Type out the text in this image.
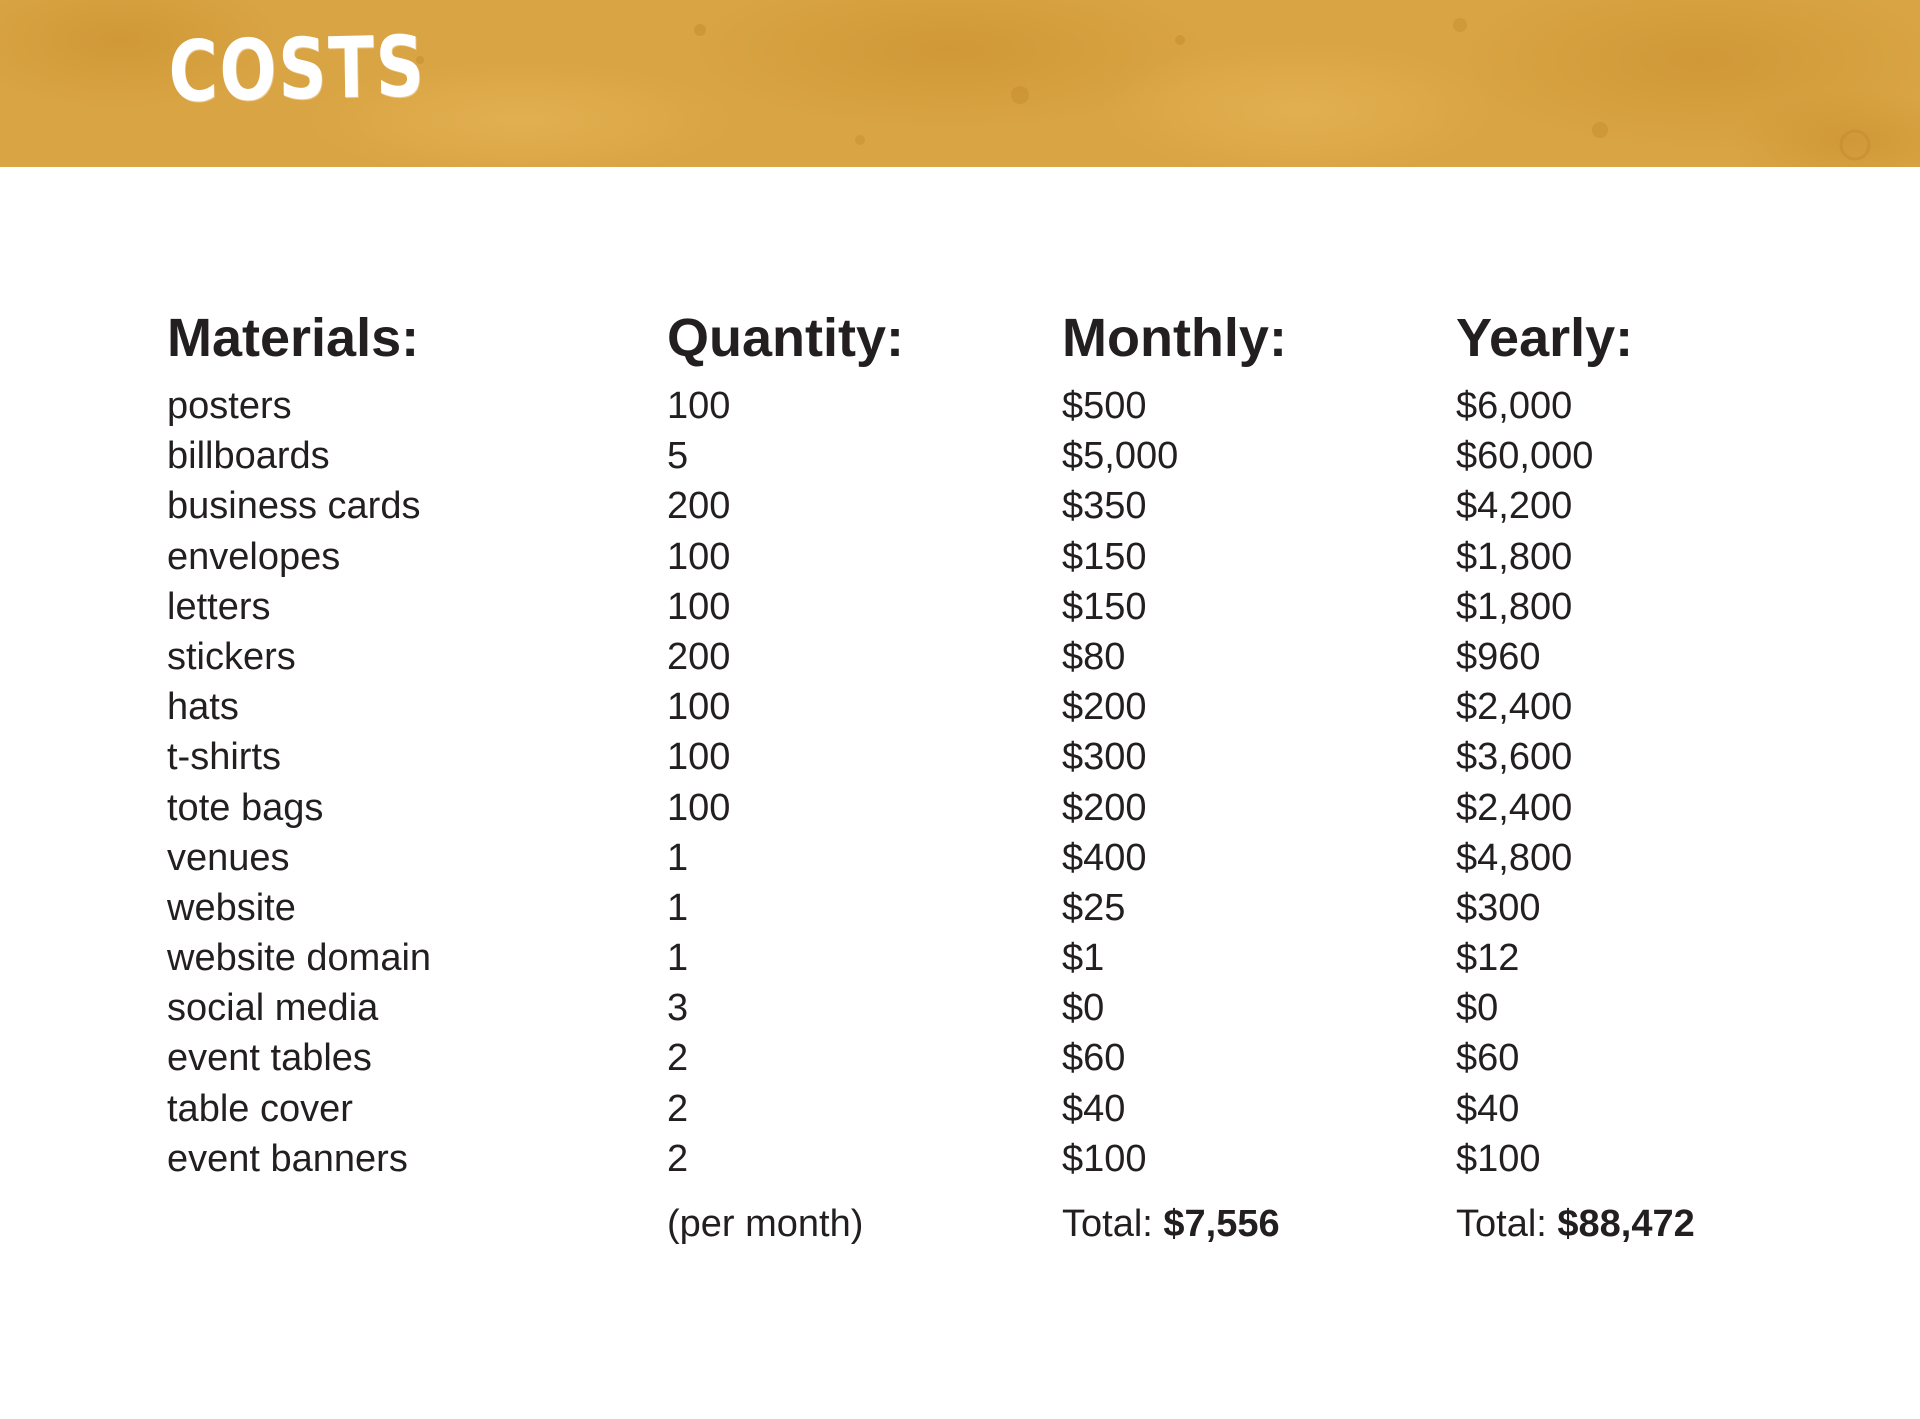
COSTS
Materials:
posters
billboards
business cards
envelopes
letters
stickers
hats
t-shirts
tote bags
venues
website
website domain
social media
event tables
table cover
event banners
Quantity:
100
5
200
100
100
200
100
100
100
1
1
1
3
2
2
2
(per month)
Monthly:
$500
$5,000
$350
$150
$150
$80
$200
$300
$200
$400
$25
$1
$0
$60
$40
$100
Total: $7,556
Yearly:
$6,000
$60,000
$4,200
$1,800
$1,800
$960
$2,400
$3,600
$2,400
$4,800
$300
$12
$0
$60
$40
$100
Total: $88,472
